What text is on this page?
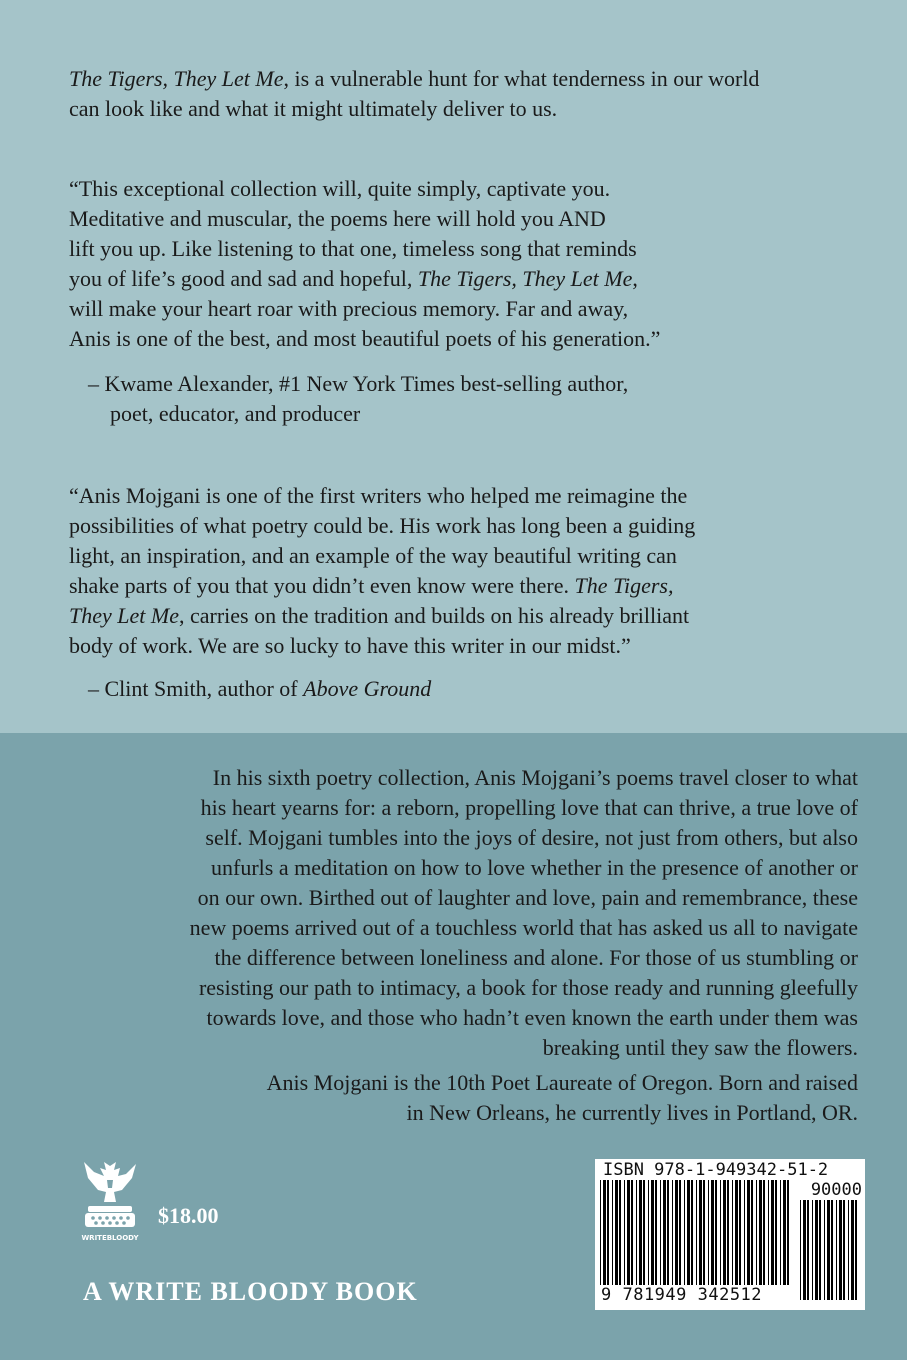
The Tigers, They Let Me, is a vulnerable hunt for what tenderness in our world
can look like and what it might ultimately deliver to us.

“This exceptional collection will, quite simply, captivate you.
Meditative and muscular, the poems here will hold you AND
lift you up. Like listening to that one, timeless song that reminds
you of life’s good and sad and hopeful, The Tigers, They Let Me,
will make your heart roar with precious memory. Far and away,
Anis is one of the best, and most beautiful poets of his generation.”

– Kwame Alexander, #1 New York Times best-selling author,
poet, educator, and producer

“Anis Mojgani is one of the first writers who helped me reimagine the
possibilities of what poetry could be. His work has long been a guiding
light, an inspiration, and an example of the way beautiful writing can
shake parts of you that you didn’t even know were there. The Tigers,
They Let Me, carries on the tradition and builds on his already brilliant
body of work. We are so lucky to have this writer in our midst.”

– Clint Smith, author of Above Ground

In his sixth poetry collection, Anis Mojgani’s poems travel closer to what
his heart yearns for: a reborn, propelling love that can thrive, a true love of
self. Mojgani tumbles into the joys of desire, not just from others, but also
unfurls a meditation on how to love whether in the presence of another or
on our own. Birthed out of laughter and love, pain and remembrance, these
new poems arrived out of a touchless world that has asked us all to navigate
the difference between loneliness and alone. For those of us stumbling or
resisting our path to intimacy, a book for those ready and running gleefully
towards love, and those who hadn’t even known the earth under them was
breaking until they saw the flowers.

Anis Mojgani is the 10th Poet Laureate of Oregon. Born and raised
in New Orleans, he currently lives in Portland, OR.

WRITEBLOODY

$18.00

A WRITE BLOODY BOOK

ISBN 978-1-949342-51-2

90000

9 781949 342512
